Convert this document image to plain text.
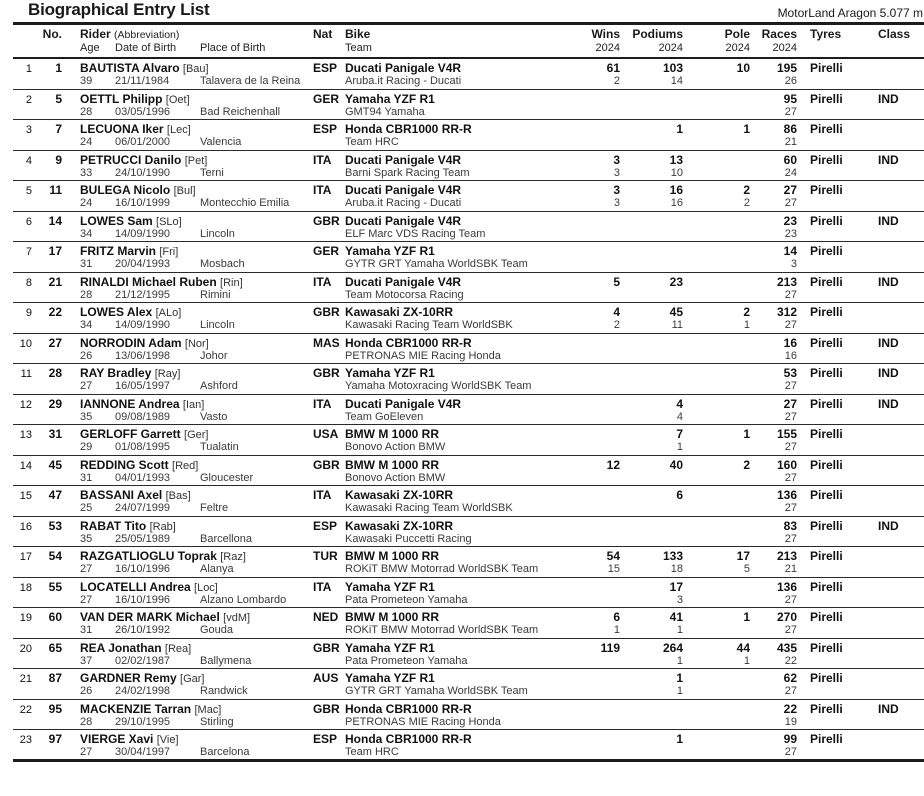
Biographical Entry List	MotorLand Aragon 5.077 m
	No.	Rider (Abbreviation)	Nat	Bike	Wins	Podiums	Pole	Races	Tyres	Class
		Age Date of Birth Place of Birth		Team	2024	2024	2024	2024		
1	1	BAUTISTA Alvaro [Bau]	ESP	Ducati Panigale V4R	61	103	10	195	Pirelli	
		39 21/11/1984 Talavera de la Reina		Aruba.it Racing - Ducati	2	14		26		
2	5	OETTL Philipp [Oet]	GER	Yamaha YZF R1				95	Pirelli	IND
		28 03/05/1996 Bad Reichenhall		GMT94 Yamaha				27		
3	7	LECUONA Iker [Lec]	ESP	Honda CBR1000 RR-R		1	1	86	Pirelli	
		24 06/01/2000 Valencia		Team HRC				21		
4	9	PETRUCCI Danilo [Pet]	ITA	Ducati Panigale V4R	3	13		60	Pirelli	IND
		33 24/10/1990 Terni		Barni Spark Racing Team	3	10		24		
5	11	BULEGA Nicolo [Bul]	ITA	Ducati Panigale V4R	3	16	2	27	Pirelli	
		24 16/10/1999 Montecchio Emilia		Aruba.it Racing - Ducati	3	16	2	27		
6	14	LOWES Sam [SLo]	GBR	Ducati Panigale V4R				23	Pirelli	IND
		34 14/09/1990 Lincoln		ELF Marc VDS Racing Team				23		
7	17	FRITZ Marvin [Fri]	GER	Yamaha YZF R1				14	Pirelli	
		31 20/04/1993 Mosbach		GYTR GRT Yamaha WorldSBK Team				3		
8	21	RINALDI Michael Ruben [Rin]	ITA	Ducati Panigale V4R	5	23		213	Pirelli	IND
		28 21/12/1995 Rimini		Team Motocorsa Racing				27		
9	22	LOWES Alex [ALo]	GBR	Kawasaki ZX-10RR	4	45	2	312	Pirelli	
		34 14/09/1990 Lincoln		Kawasaki Racing Team WorldSBK	2	11	1	27		
10	27	NORRODIN Adam [Nor]	MAS	Honda CBR1000 RR-R				16	Pirelli	IND
		26 13/06/1998 Johor		PETRONAS MIE Racing Honda				16		
11	28	RAY Bradley [Ray]	GBR	Yamaha YZF R1				53	Pirelli	IND
		27 16/05/1997 Ashford		Yamaha Motoxracing WorldSBK Team				27		
12	29	IANNONE Andrea [Ian]	ITA	Ducati Panigale V4R		4		27	Pirelli	IND
		35 09/08/1989 Vasto		Team GoEleven		4		27		
13	31	GERLOFF Garrett [Ger]	USA	BMW M 1000 RR		7	1	155	Pirelli	
		29 01/08/1995 Tualatin		Bonovo Action BMW		1		27		
14	45	REDDING Scott [Red]	GBR	BMW M 1000 RR	12	40	2	160	Pirelli	
		31 04/01/1993 Gloucester		Bonovo Action BMW				27		
15	47	BASSANI Axel [Bas]	ITA	Kawasaki ZX-10RR		6		136	Pirelli	
		25 24/07/1999 Feltre		Kawasaki Racing Team WorldSBK				27		
16	53	RABAT Tito [Rab]	ESP	Kawasaki ZX-10RR				83	Pirelli	IND
		35 25/05/1989 Barcellona		Kawasaki Puccetti Racing				27		
17	54	RAZGATLIOGLU Toprak [Raz]	TUR	BMW M 1000 RR	54	133	17	213	Pirelli	
		27 16/10/1996 Alanya		ROKiT BMW Motorrad WorldSBK Team	15	18	5	21		
18	55	LOCATELLI Andrea [Loc]	ITA	Yamaha YZF R1		17		136	Pirelli	
		27 16/10/1996 Alzano Lombardo		Pata Prometeon Yamaha		3		27		
19	60	VAN DER MARK Michael [vdM]	NED	BMW M 1000 RR	6	41	1	270	Pirelli	
		31 26/10/1992 Gouda		ROKiT BMW Motorrad WorldSBK Team	1	1		27		
20	65	REA Jonathan [Rea]	GBR	Yamaha YZF R1	119	264	44	435	Pirelli	
		37 02/02/1987 Ballymena		Pata Prometeon Yamaha		1	1	22		
21	87	GARDNER Remy [Gar]	AUS	Yamaha YZF R1		1		62	Pirelli	
		26 24/02/1998 Randwick		GYTR GRT Yamaha WorldSBK Team		1		27		
22	95	MACKENZIE Tarran [Mac]	GBR	Honda CBR1000 RR-R				22	Pirelli	IND
		28 29/10/1995 Stirling		PETRONAS MIE Racing Honda				19		
23	97	VIERGE Xavi [Vie]	ESP	Honda CBR1000 RR-R		1		99	Pirelli	
		27 30/04/1997 Barcelona		Team HRC				27		
